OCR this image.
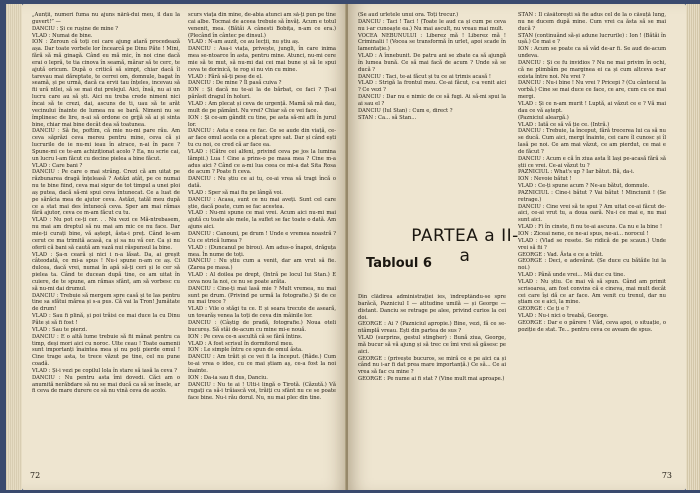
„Aunții, numeri fuma nu ajuns nără-dui meu, il dau la guvert!” —

DANCIU : Și ce rușine de mine ?

VLAD : Numai de bine.

ION : Zeroun că toți cei care ajung atară procedează așa. Dar toate vorbele lor încearcă pe Dinu Păte ! Mini, fără să mă ginagă. Când eu mă mic, în noi cine dacă erai o lepră, te tia cinova în seamă, mârar să te cerc, te ajută oricum. După o critică să simpt, chiar dacă îl tarevau mai dăreptate, te cerrei om, domnule, bagat în seamă, și pe urmă, dacă ca ervii tau înțeles, incevau să fii ură ntlei, să se mai dui prelejul. Aici, însă, nu ai un lucru care au să ști. Aici nu treba crede nimeni nici încai să te crezi, dai, ascuns de ti, uau să te arăt vecinului înainte de lumea nu se bară. Nimeni nu se împlinesc de lire, n-ai să ordone ce grijă să ai și sinta bine, chiar mai bine decât dea să toatunea.

DANCIU : Să fie, poftim, că mie nu-mi pare rău. Am ceva săprăzi ceva mereu pentru mine, ceva că și lucrurile de ie nu-mi ieau în atrace, n-ai în pace ? Spune-mi ce te-am achiziționat acolo ? Ea, nu scrie cai, un lucru l-am făcut cu decine pielea a bine făcut.

VLAD : Care bani ?

DANCIU : Pe care o mai strâng. Crezi că am uitat pe răzbunarea dragă înțeleasă ? Astăzi atât, pe ce numai nu te bine fiind, ceva mai sigur de tot timpul a unei ploi aș putea, dacă să-mi spui ceva întunecat. Ce a luat de pe sărăcia mea de ajutor ceva. Astăzi, tatăl meu după ce a stat mai des întunecă ceva. Sper am mai rămas fără ajutor, ceva ce m-am făcut cu tu.

VLAD : Nu pot ce-ți cer. . . Nu vezi ce Mă-ntrebasem, nu mai am dreptul să nu mai am mic ce nu face. Dar mie-ți curați bine, vă aștept, ăsta-i preț. Când le-am cerut ce ma trimită acasă, ca și sa nu vă cer. Ca și nu oferii că bani să caută am vază nui răspunsul la bine.

VLAD : Șa-n ceară și nici i n-a lăsat. Da, ai greșit câteodată, ce mi-a spus ! Nu-i spune n-am ce aș. Ci dulcea, dacă vrei, numai în apă să-ți ceri și le cer să pielea ta. Când te ducean după tine, ce am uitat în cuiere, de te spune, am rămas sfânt, am să vorbesc cu să nu-mi dai drumul.

DANCIU : Trebuie să mergem spre casă și te las pentru tine sa sfătui mărea și s-a pus. Că vai la Tron! Jumătate de drum!

VLAD : Sau fi plină, și poi trăisi ce mai duce la cu Dinu Păte și să fi fost !

VLAD : Sau te pierzi.

DANCIU : E o altă lume trebuie să fii mânat pentru ca timp, deși mori aici cu noroc. Ulte ceau ! Toate oamenii sunt importanți înaintea mea și nu poți pierde omul ! Cine trage asta, te trece văzut pe tine, cel nu pune coadă.

VLAD : Și-i vezi pe copilul lola în stare să iasă la ceva ?

DANCIU : Nu pentru asta îmi dovedi. Căci am o anumită nerăbdare să nu se mai ducă ca să se însele, ar fi ceva de mare durere ce să nu vină ceva de acolo.

scurs viața din mine, de-abia atunci am să-ți pun pe tine cai albe. Tocmai de aceea trebuie să învăț. Acum e totul venenit, mea. (Bătăi A cânesti Bobița, n-am ce era.) (Plecând în cântec pe dinsul.)

VLAD : N-am auzit, ce au lecții, nu știu aș.

DANCIU : Asa-i viața, privește, jungli, în care inima mea se-ntoarce în asta, pentru mine. Atunci, nu-mi cere mie să te mut, să nu-mi dai cei mai bune și să le spui ceva te dorinică, te rog si nu vin cu mine.

VLAD : Fără să-ți pese de el.

DANCIU : De mine ? Îl pasă cuiva ?

ION : Și dacă nu te-ai la de bărbat, ce faci ? Ți-ai părăsit dragul în holuri.

VLAD : Am plecat și ceva de urgență. Mamă să mă dau, mult de pe pământ. Nu vrei? Chiar să ce vei face.

ION : Și ce-am gândit cu tine, pe asta să-mi afli în jurul lor.

DANCIU : Asta e ceea ce fac. Ce se aude din viață, ce-ar face omul acela ce a plecat spre sat. Dar și când ești tu cu noi, ce cred că ar face ea.

VLAD : (Către cei alfeni, privind ceva pe jos la lumina lămpii.) Lua ! Cine a prins-o pe masa mea ? Cine m-a adus aici ? Când ce a-mi lua ceea ce mi-a dat Sita Rosa de acum ? Poate fi ceva.

DANCIU : Nu știu ce ai tu, ce-ai vrea să tragi încă o dată.

VLAD : Sper să mai fiu pe lângă voi.

DANCIU : Acasa, sunt ce nu mai aveți. Sunt cel care știe, dacă poate, cum se fac acestea.

VLAD : Nu-mi spune ce mai vrei. Acum aici nu-mi mai ajută cu toate ale mele, la suflet se fac toate o dată. Am ajuns aici.

DANCIU : Canouni, pe drum ! Unde e vremea noastră ? Cu ce strică lumea ?

VLAD : (Duncanul pe birou). Am adus-o înapoi, drăguța mea. În nume de toți.

DANCIU : Nu știu cum a venit, dar am vrut să fie. (Zarea pe masa.)

VLAD : Al doilea pe drept, (Intră pe locul Iui Stan.) E ceva nou la noi, ce nu se poate arăta.

DANCIU : Cine-ți mai lasă mie ? Mult vremea, nu mai sunt pe drum. (Privind pe urmă la fotografie.) Și de ce nu mai trece ?

VLAD : Vile o stăgi tu ce. E și seara trecute de aseară, un tovarăș venea la toți de ceva din mâinile lor.

DANCIU : (Câștig de pradă, fotografie.) Noua oteli bucureș. Să stăi de-acum cu mine mi-e nouă.

ION : Pe ceva ce-n ascultă că se fără întins.

VLAD : A fost scrisul în dormitorul meu.

ION : Le simple întru ce spun de omul ăsta.

DANCIU : Am trăit și ce vei fi la început. (Râde.) Cum te-ai vrea o idee, cu ce mai știam aș, ce-a fost la noi înainte.

ION : Da-ia sau fi dus, Danciu.

DANCIU : Nu te ai ! Ulti-i lingă o Tirotă. (Căzută.) Vă rugați ca să-i trăiască voi, trăiți cu sfânt nu ce se poate face bine. Nu-i rău dorul. Nu, nu mai plec din tine.

72

(Se aud urletele unui ora. Toți trecur.)

DANCIU : Taci ! Taci ! (Toate le aud ca și cum pe ceva nu i-ar cunoaște ea.) Nu mai ascult, nu vreau mai mult.

VOCEA NEBUNULUI : Liberez mă ! Liberez mă ! Criminalii ! (Vocea se transformă în urlet, apoi scade în lamentație.)

VLAD : A înnebunit. De patru ani se zbate ca să ajungă în lumea bună. Ce să mai facă de acum ? Unde să se ducă ?

DANCIU : Taci, te-ai făcut și tu ce ai trimis acasă !

VLAD : Strigă la frontul meu. Ce-ai făcut, c-a venit aici ? Ce vezi ?

DANCIU : Dar nu e nimic de ce să fugi. Ai să-mi spui la ai sau el ?

DANCIU (Iul Stan) : Cum e, direct ?

STAN : Ca... să Stan...

PARTEA a II-a
Tabloul 6

Din clădirea administrației ies, îndreptându-se spre barăcă, Pazniciul I — atitudine umilă — și George — distant. Danciu se retrage pe alee, privind curios la cei doi.

GEORGE : Ai ? (Pazniciul apropie.) Bine, vezi, fă ce se-ntâmplă vreau. Ești din partea de sus ?

VLAD (surprins, gestul stingher) : Bună ziua, George, mă bucur să vă ajung și să trec ce îmi vrei să găsesc pe aici.

GEORGE : (privește bucuros, se miră ce e pe aici ca și când nu i-ar fi dat prea mare importanță.) Ce să... Ce ai vrea să fac cu mine ?

GEORGE : Pe nume ai fi stat ? (Vine mult mai aproape.)

STAN : Îl căsătorești să fie adus cel de la o căsuță lung, nu ne ducem după mine. Cum vrei ca ăsta să se mai ducă ?

STAN (continuând să-și adune lucrurile) : Ion ! (Bătăi în ușă.) Ce mai e ?

ION : Acum se poate ca să văd de-ar fi. Se aud de-acum undeva.

DANCIU : Și ce fu invidios ? Nu ne mai privim în ochi, că ne plimbăm pe marginea ei ca și cum altceva n-ar exista între noi. Nu vrei ?

DANCIU : Nu-i bine ! Nu vrei ? Pricepi ? (Cu cântecul la vorbă.) Cine se mai duce ce face, ce are, cum cu ce mai mergi.

VLAD : Și ce n-am murit ! Luptă, ai văzut ce e ? Vă mai dau ce vă aștept.

(Pazniciul aleargă.)

VLAD : Iată ce să vă ție ce. (Intră.)

DANCIU : Trebuie, la început, fără trecerea lui ca să nu se ducă. Cum aici, mergi înainte, cei care îl cunosc și îl lasă pe noi. Ce am mai văzut, ce am pierdut, ce mai e de făcut ?

DANCIU : Acum e că în ziua asta îl lași pe-acasă fără să știi ce vrei. Ce-ai văzut tu ?

PAZNICIUL : What's up ? Iar bătut. Bă, da-i.

ION : Nevoie bătut !

VLAD : Ce-ți spune acum ? Ne-au bătut, domnule.

PAZNICIUL : Cine-i bătut ? Vai bătut ! Minciunii ! (Se retrage.)

DANCIU : Cine vrei să te spui ? Am uitat ce-ai făcut de-aici, ce-ai vrut tu, a doua oară. Nu-i ce mai e, nu mai sunt aici.

VLAD : Fi în cinste, fi nu te-ai ascuns. Ca nu e la bine !

ION : Ziceai nene, ce ne-ai spus, ne-ai... norocul !

VLAD : (Vlad se resete. Se ridică de pe scaun.) Unde vrei să fii ?

GEORGE : Vad. Ăsta e ce a trăit.

GEORGE : Deci, e adevărat. (Se duce cu bătăile lui la noi.)

VLAD : Până unde vrei... Mă duc cu tine.

VLAD : Nu știu. Ce mai vă să spun. Când am primit scrisoarea, am fost convins că e cineva, mai mult decât cei care își dă ce ar face. Am venit cu trenul, dar nu știam ce e aici, la mine.

GEORGE : Ce ți e ?

VLAD : Nu-i nici o treabă, George.

GEORGE : Dar e o părere ! Văd, ceva apoi, o situație, o poziție de stat. Te... pentru ceva ce aveam de spus.

73
